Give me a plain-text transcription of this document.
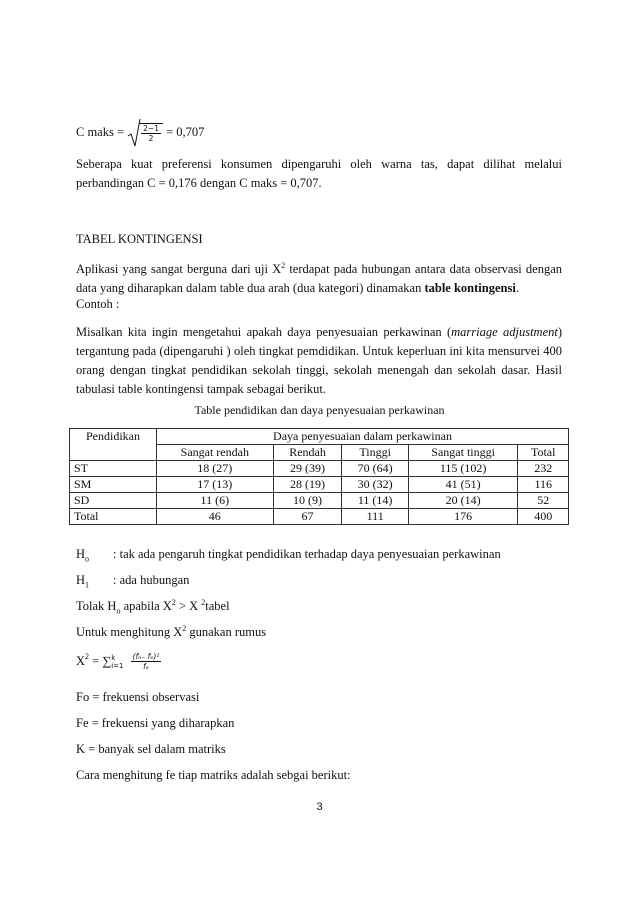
C maks = $\frac{2-1}{2} = 0,707$
Seberapa kuat preferensi konsumen dipengaruhi oleh warna tas, dapat dilihat melalui perbandingan C = 0,176 dengan C maks = 0,707.
TABEL KONTINGENSI
Aplikasi yang sangat berguna dari uji $X^2$ terdapat pada hubungan antara data observasi dengan data yang diharapkan dalam table dua arah (dua kategori) dinamakan table kontingensi.
Contoh :
Misalkan kita ingin mengetahui apakah daya penyesuaian perkawinan (marriage adjustment) tergantung pada (dipengaruhi ) oleh tingkat pemdidikan. Untuk keperluan ini kita mensurvei 400 orang dengan tingkat pendidikan sekolah tinggi, sekolah menengah dan sekolah dasar. Hasil tabulasi table kontingensi tampak sebagai berikut.
Table pendidikan dan daya penyesuaian perkawinan
Pendidikan	Daya penyesuaian dalam perkawinan				
	Sangat rendah	Rendah	Tinggi	Sangat tinggi	Total
ST	18 (27)	29 (39)	70 (64)	115 (102)	232
SM	17 (13)	28 (19)	30 (32)	41 (51)	116
SD	11 (6)	10 (9)	11 (14)	20 (14)	52
Total	46	67	111	176	400
$H_o$ : tak ada pengaruh tingkat pendidikan terhadap daya penyesuaian perkawinan
$H_1$ : ada hubungan
Tolak $H_o$ apabila $X^2 > X$ $^2$tabel
Untuk menghitung $X^2$ gunakan rumus
$X^2$ = ∑ k
i=1
$\frac{\text{(fₒ₋ fₑ)²}}{\text{fₑ}}$
Fo = frekuensi observasi
Fe = frekuensi yang diharapkan
K = banyak sel dalam matriks
Cara menghitung fe tiap matriks adalah sebgai berikut:
3
